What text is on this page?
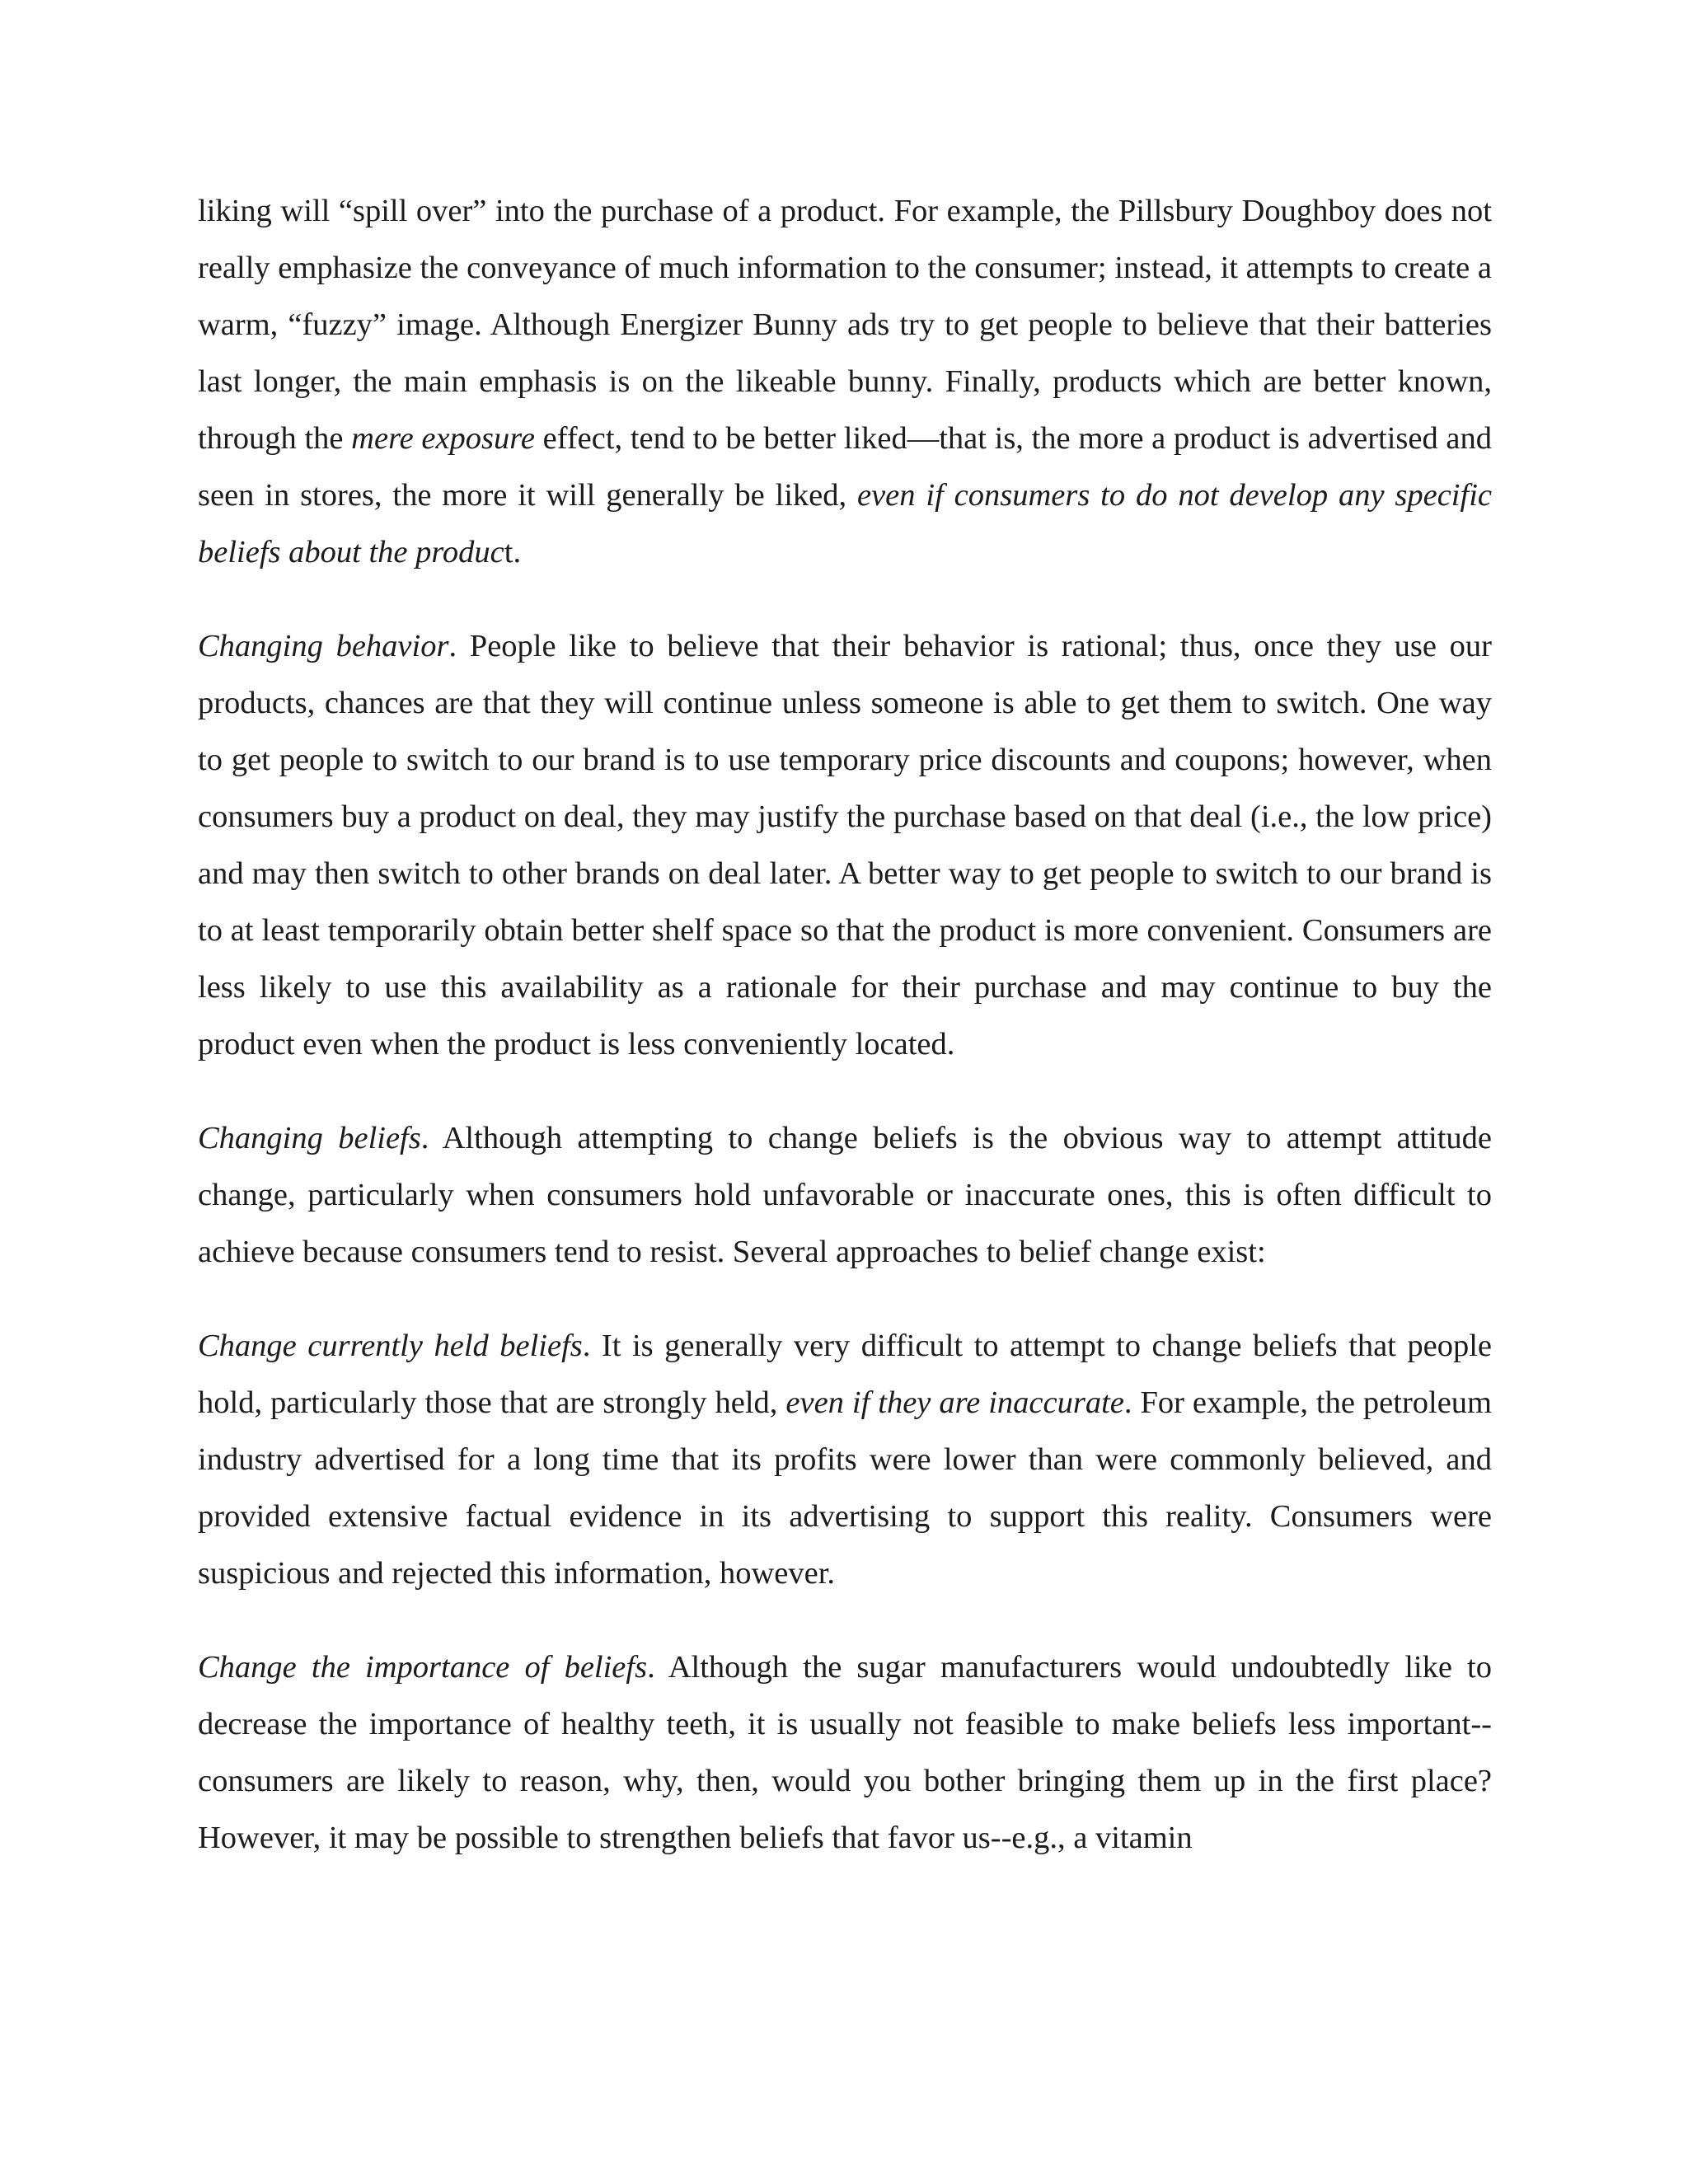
liking will “spill over” into the purchase of a product. For example, the Pillsbury Doughboy does not really emphasize the conveyance of much information to the consumer; instead, it attempts to create a warm, “fuzzy” image. Although Energizer Bunny ads try to get people to believe that their batteries last longer, the main emphasis is on the likeable bunny. Finally, products which are better known, through the mere exposure effect, tend to be better liked—that is, the more a product is advertised and seen in stores, the more it will generally be liked, even if consumers to do not develop any specific beliefs about the product.

Changing behavior. People like to believe that their behavior is rational; thus, once they use our products, chances are that they will continue unless someone is able to get them to switch. One way to get people to switch to our brand is to use temporary price discounts and coupons; however, when consumers buy a product on deal, they may justify the purchase based on that deal (i.e., the low price) and may then switch to other brands on deal later. A better way to get people to switch to our brand is to at least temporarily obtain better shelf space so that the product is more convenient. Consumers are less likely to use this availability as a rationale for their purchase and may continue to buy the product even when the product is less conveniently located.

Changing beliefs. Although attempting to change beliefs is the obvious way to attempt attitude change, particularly when consumers hold unfavorable or inaccurate ones, this is often difficult to achieve because consumers tend to resist. Several approaches to belief change exist:

Change currently held beliefs. It is generally very difficult to attempt to change beliefs that people hold, particularly those that are strongly held, even if they are inaccurate. For example, the petroleum industry advertised for a long time that its profits were lower than were commonly believed, and provided extensive factual evidence in its advertising to support this reality. Consumers were suspicious and rejected this information, however.

Change the importance of beliefs. Although the sugar manufacturers would undoubtedly like to decrease the importance of healthy teeth, it is usually not feasible to make beliefs less important--consumers are likely to reason, why, then, would you bother bringing them up in the first place? However, it may be possible to strengthen beliefs that favor us--e.g., a vitamin
